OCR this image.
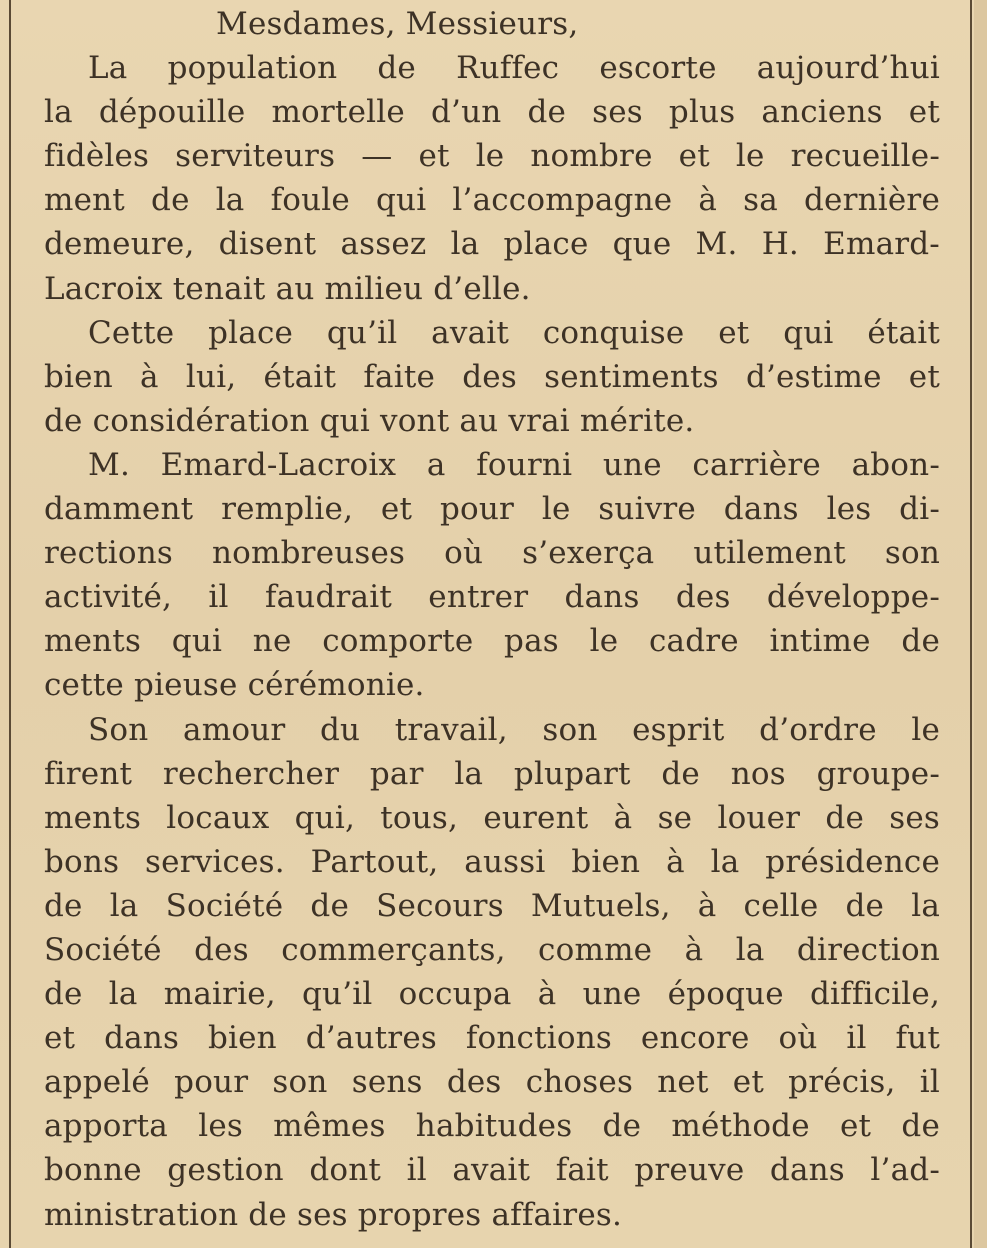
Mesdames, Messieurs,
La population de Ruffec escorte aujourd’hui
la dépouille mortelle d’un de ses plus anciens et
fidèles serviteurs — et le nombre et le recueille-
ment de la foule qui l’accompagne à sa dernière
demeure, disent assez la place que M. H. Emard-
Lacroix tenait au milieu d’elle.
Cette place qu’il avait conquise et qui était
bien à lui, était faite des sentiments d’estime et
de considération qui vont au vrai mérite.
M. Emard-Lacroix a fourni une carrière abon-
damment remplie, et pour le suivre dans les di-
rections nombreuses où s’exerça utilement son
activité, il faudrait entrer dans des développe-
ments qui ne comporte pas le cadre intime de
cette pieuse cérémonie.
Son amour du travail, son esprit d’ordre le
firent rechercher par la plupart de nos groupe-
ments locaux qui, tous, eurent à se louer de ses
bons services. Partout, aussi bien à la présidence
de la Société de Secours Mutuels, à celle de la
Société des commerçants, comme à la direction
de la mairie, qu’il occupa à une époque difficile,
et dans bien d’autres fonctions encore où il fut
appelé pour son sens des choses net et précis, il
apporta les mêmes habitudes de méthode et de
bonne gestion dont il avait fait preuve dans l’ad-
ministration de ses propres affaires.
